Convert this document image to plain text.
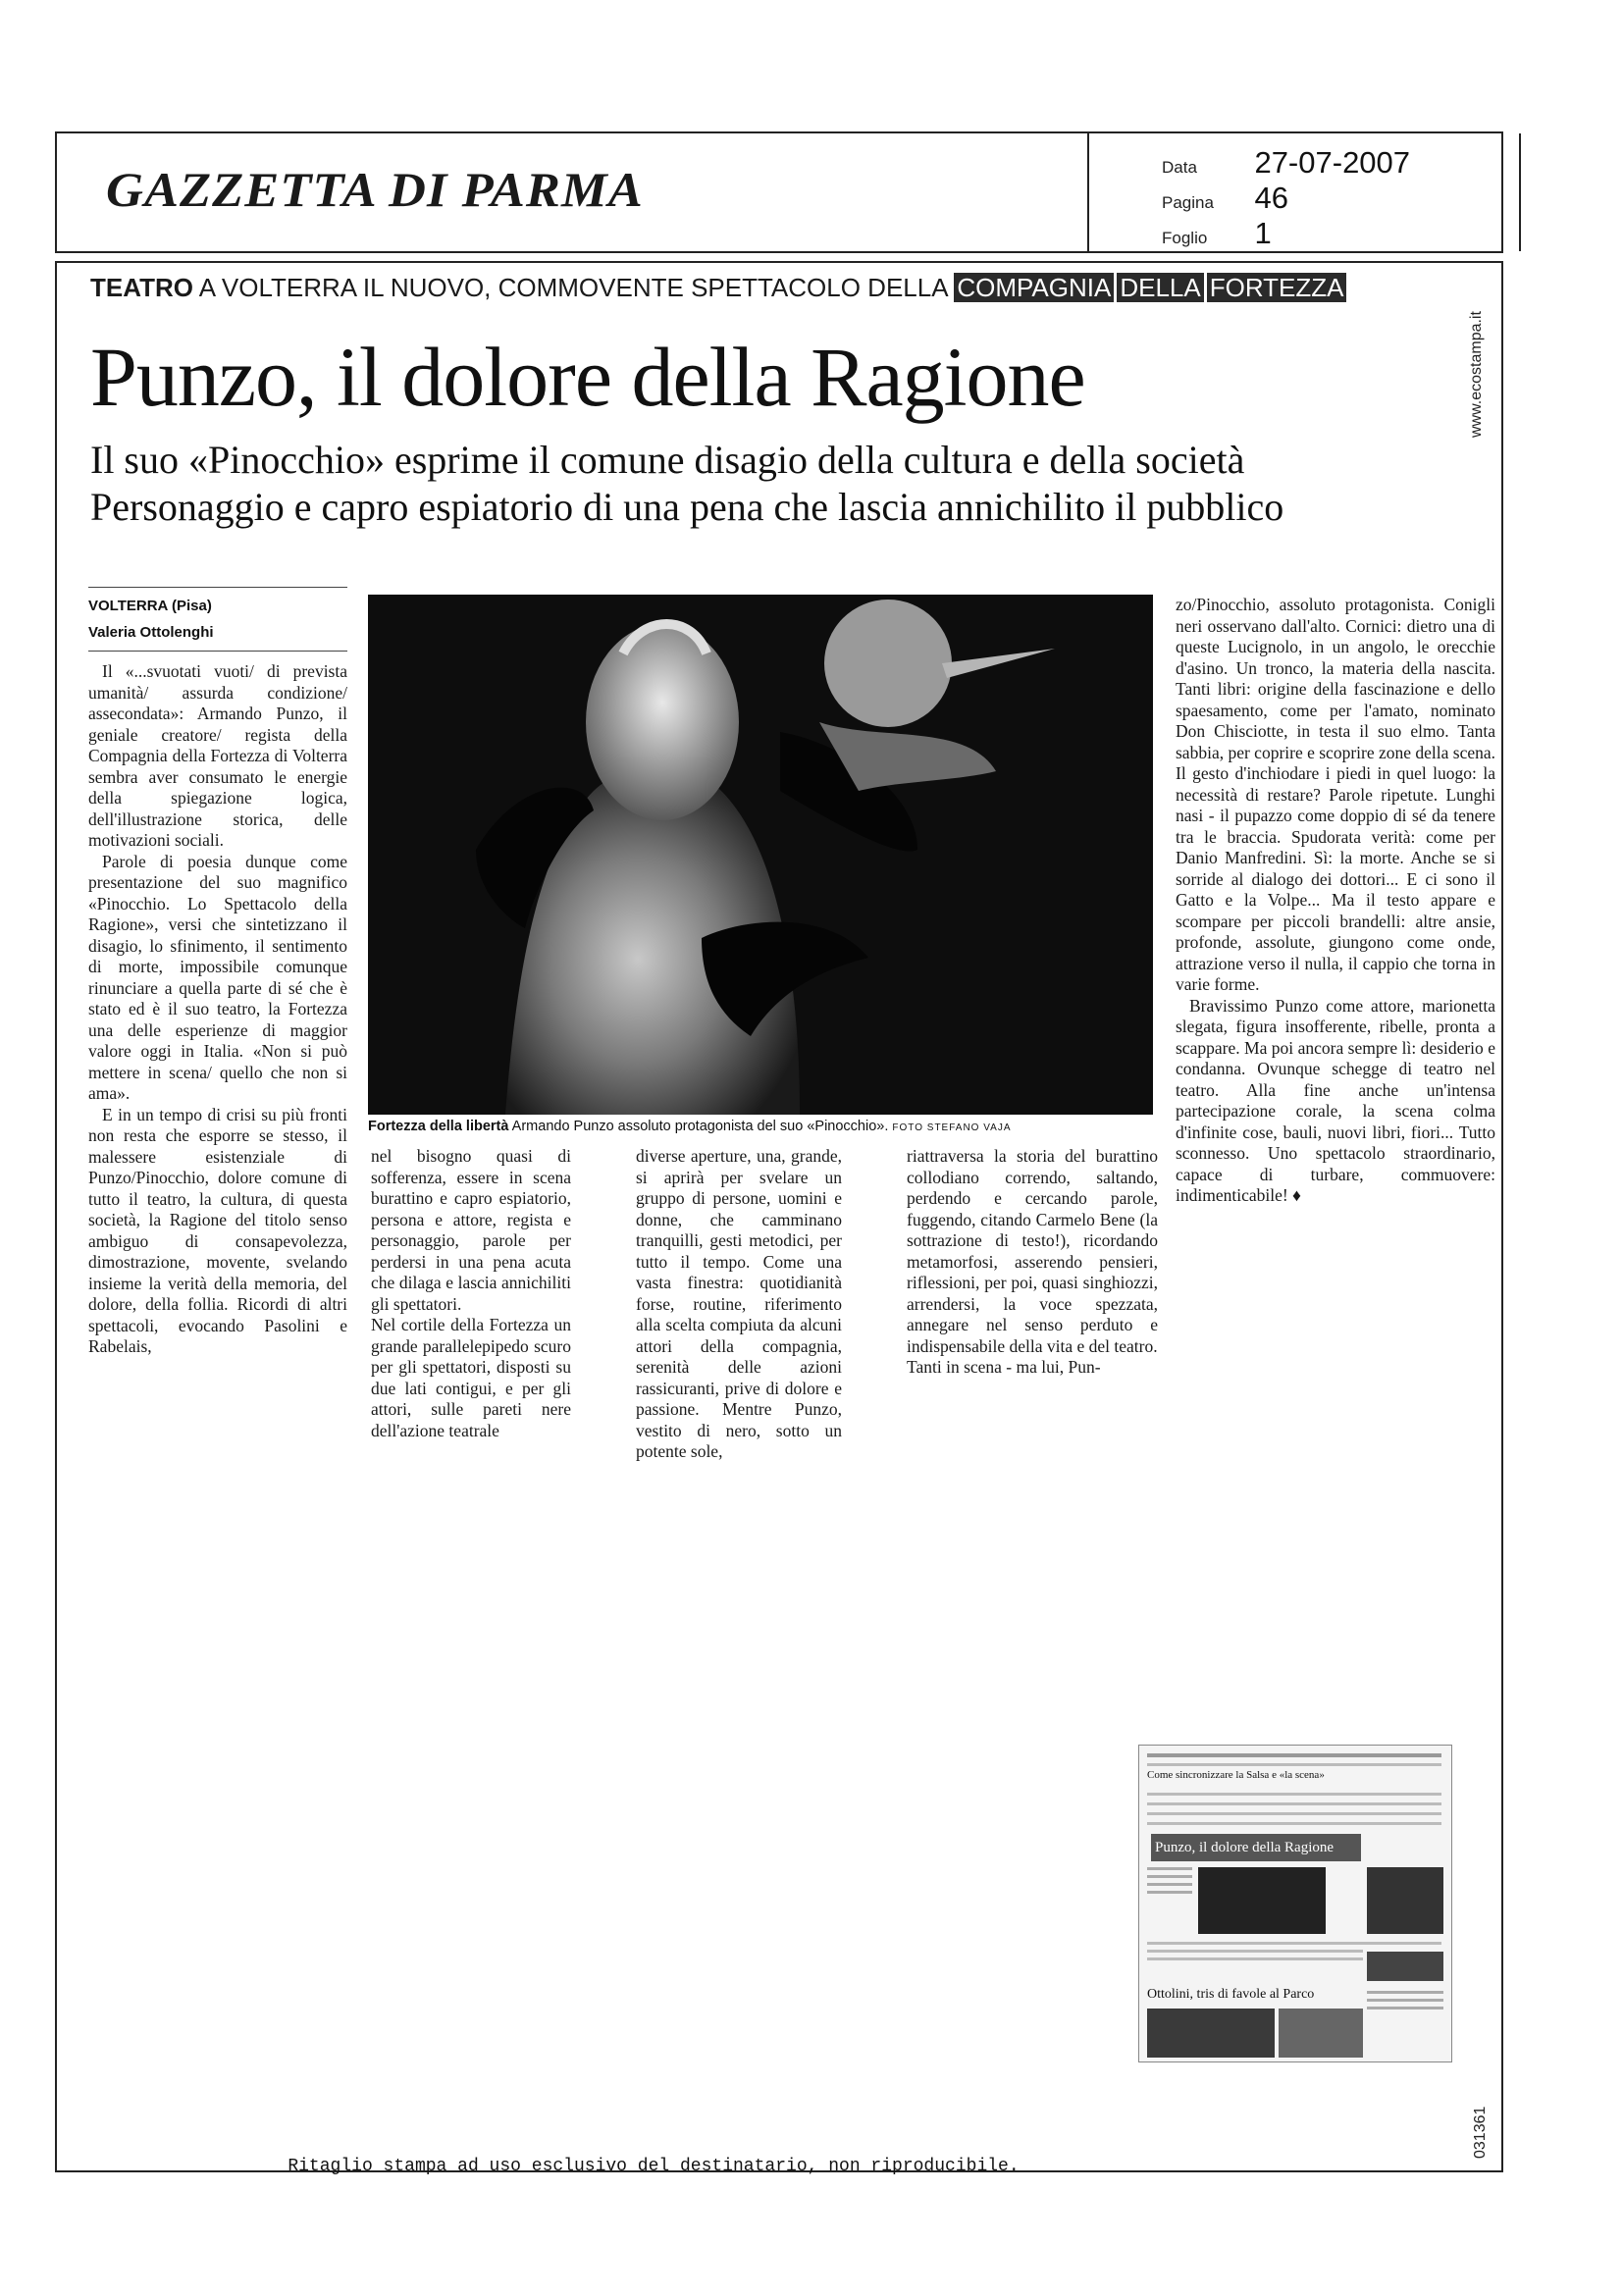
GAZZETTA DI PARMA	Data 27-07-2007
Pagina 46
Foglio 1
www.ecostampa.it
031361
TEATRO A VOLTERRA IL NUOVO, COMMOVENTE SPETTACOLO DELLA COMPAGNIA DELLA FORTEZZA
Punzo, il dolore della Ragione
Il suo «Pinocchio» esprime il comune disagio della cultura e della società
Personaggio e capro espiatorio di una pena che lascia annichilito il pubblico
VOLTERRA (Pisa)
Valeria Ottolenghi

Il «...svuotati vuoti/ di prevista umanità/ assurda condizione/ assecondata»: Armando Punzo, il geniale creatore/ regista della Compagnia della Fortezza di Volterra sembra aver consumato le energie della spiegazione logica, dell'illustrazione storica, delle motivazioni sociali.

Parole di poesia dunque come presentazione del suo magnifico «Pinocchio. Lo Spettacolo della Ragione», versi che sintetizzano il disagio, lo sfinimento, il sentimento di morte, impossibile comunque rinunciare a quella parte di sé che è stato ed è il suo teatro, la Fortezza una delle esperienze di maggior valore oggi in Italia. «Non si può mettere in scena/ quello che non si ama».

E in un tempo di crisi su più fronti non resta che esporre se stesso, il malessere esistenziale di Punzo/Pinocchio, dolore comune di tutto il teatro, la cultura, di questa società, la Ragione del titolo senso ambiguo di consapevolezza, dimostrazione, movente, svelando insieme la verità della memoria, del dolore, della follia. Ricordi di altri spettacoli, evocando Pasolini e Rabelais,

Fortezza della libertà Armando Punzo assoluto protagonista del suo «Pinocchio». FOTO STEFANO VAJA

zo/Pinocchio, assoluto protagonista. Conigli neri osservano dall'alto. Cornici: dietro una di queste Lucignolo, in un angolo, le orecchie d'asino. Un tronco, la materia della nascita. Tanti libri: origine della fascinazione e dello spaesamento, come per l'amato, nominato Don Chisciotte, in testa il suo elmo. Tanta sabbia, per coprire e scoprire zone della scena. Il gesto d'inchiodare i piedi in quel luogo: la necessità di restare? Parole ripetute. Lunghi nasi - il pupazzo come doppio di sé da tenere tra le braccia. Spudorata verità: come per Danio Manfredini. Sì: la morte. Anche se si sorride al dialogo dei dottori... E ci sono il Gatto e la Volpe... Ma il testo appare e scompare per piccoli brandelli: altre ansie, profonde, assolute, giungono come onde, attrazione verso il nulla, il cappio che torna in varie forme.

Bravissimo Punzo come attore, marionetta slegata, figura insofferente, ribelle, pronta a scappare. Ma poi ancora sempre lì: desiderio e condanna. Ovunque schegge di teatro nel teatro. Alla fine anche un'intensa partecipazione corale, la scena colma d'infinite cose, bauli, nuovi libri, fiori... Tutto sconnesso. Uno spettacolo straordinario, capace di turbare, commuovere: indimenticabile! ♦

nel bisogno quasi di sofferenza, essere in scena burattino e capro espiatorio, persona e attore, regista e personaggio, parole per perdersi in una pena acuta che dilaga e lascia annichiliti gli spettatori.
Nel cortile della Fortezza un grande parallelepipedo scuro per gli spettatori, disposti su due lati contigui, e per gli attori, sulle pareti nere dell'azione teatrale
diverse aperture, una, grande, si aprirà per svelare un gruppo di persone, uomini e donne, che camminano tranquilli, gesti metodici, per tutto il tempo. Come una vasta finestra: quotidianità forse, routine, riferimento alla scelta compiuta da alcuni attori della compagnia, serenità delle azioni rassicuranti, prive di dolore e passione. Mentre Punzo, vestito di nero, sotto un potente sole,
riattraversa la storia del burattino collodiano correndo, saltando, perdendo e cercando parole, fuggendo, citando Carmelo Bene (la sottrazione di testo!), ricordando metamorfosi, asserendo pensieri, riflessioni, per poi, quasi singhiozzi, arrendersi, la voce spezzata, annegare nel senso perduto e indispensabile della vita e del teatro.
Tanti in scena - ma lui, Pun-
Come sincronizzare la Salsa e «la scena»
Punzo, il dolore della Ragione
Ottolini, tris di favole al Parco
Ritaglio stampa ad uso esclusivo del destinatario, non riproducibile.
